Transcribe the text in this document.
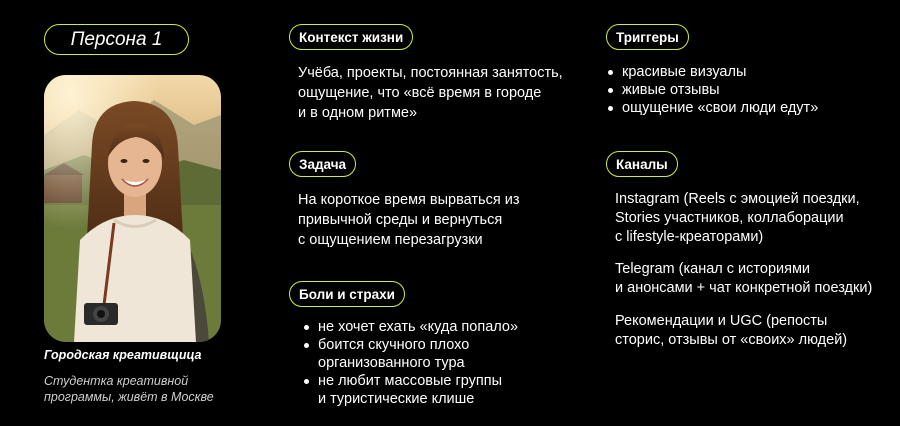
Персона 1
Городская креативщица
Студентка креативной
программы, живёт в Москве
Контекст жизни
Учёба, проекты, постоянная занятость,
ощущение, что «всё время в городе
и в одном ритме»
Задача
На короткое время вырваться из
привычной среды и вернуться
с ощущением перезагрузки
Боли и страхи
не хочет ехать «куда попало»
боится скучного плохо
организованного тура
не любит массовые группы
и туристические клише
Триггеры
красивые визуалы
живые отзывы
ощущение «свои люди едут»
Каналы
Instagram (Reels с эмоцией поездки,
Stories участников, коллаборации
с lifestyle-креаторами)
Telegram (канал с историями
и анонсами + чат конкретной поездки)
Рекомендации и UGC (репосты
сторис, отзывы от «своих» людей)
